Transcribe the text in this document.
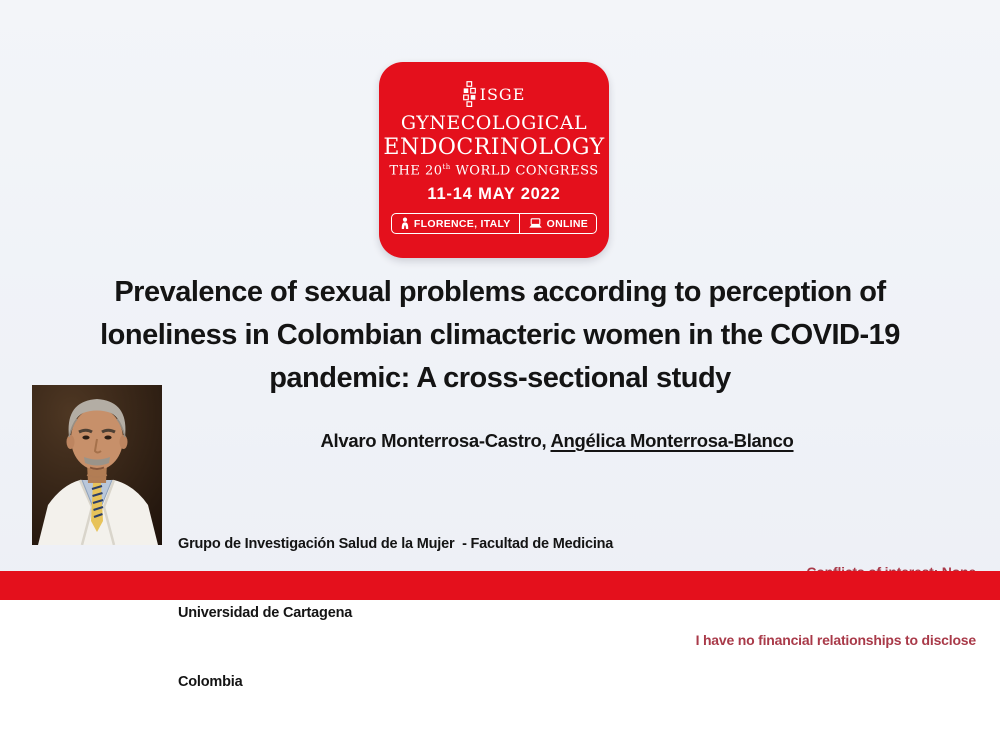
ISGE
GYNECOLOGICAL
ENDOCRINOLOGY
THE 20th WORLD CONGRESS
11-14 MAY 2022
FLORENCE, ITALY	ONLINE
Prevalence of sexual problems according to perception of
loneliness in Colombian climacteric women in the COVID-19
pandemic: A cross-sectional study
Alvaro Monterrosa-Castro, Angélica Monterrosa-Blanco

Grupo de Investigación Salud de la Mujer  - Facultad de Medicina

Universidad de Cartagena

Colombia

I have no financial relationships to disclose
